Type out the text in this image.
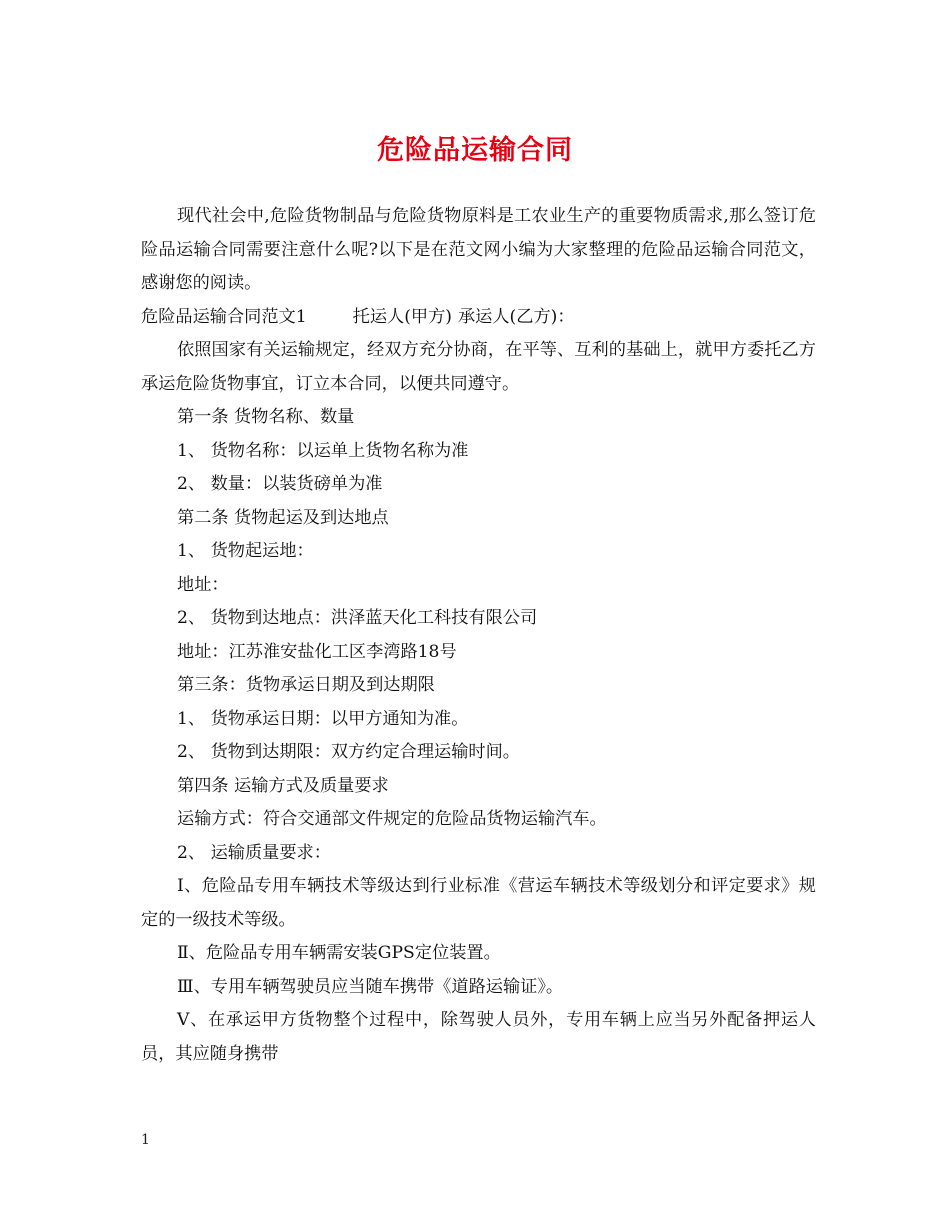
危险品运输合同

现代社会中,危险货物制品与危险货物原料是工农业生产的重要物质需求,那么签订危险品运输合同需要注意什么呢?以下是在范文网小编为大家整理的危险品运输合同范文，感谢您的阅读。

危险品运输合同范文1	托运人(甲方) 承运人(乙方)：

依照国家有关运输规定，经双方充分协商，在平等、互利的基础上，就甲方委托乙方承运危险货物事宜，订立本合同，以便共同遵守。

第一条 货物名称、数量

1、 货物名称：以运单上货物名称为准

2、 数量：以装货磅单为准

第二条 货物起运及到达地点

1、 货物起运地：

地址：

2、 货物到达地点：洪泽蓝天化工科技有限公司

地址：江苏淮安盐化工区李湾路18号

第三条：货物承运日期及到达期限

1、 货物承运日期：以甲方通知为准。

2、 货物到达期限：双方约定合理运输时间。

第四条 运输方式及质量要求

运输方式：符合交通部文件规定的危险品货物运输汽车。

2、 运输质量要求：

Ⅰ、危险品专用车辆技术等级达到行业标准《营运车辆技术等级划分和评定要求》规定的一级技术等级。

Ⅱ、危险品专用车辆需安装GPS定位装置。

Ⅲ、专用车辆驾驶员应当随车携带《道路运输证》。

Ⅴ、在承运甲方货物整个过程中，除驾驶人员外，专用车辆上应当另外配备押运人员，其应随身携带

1
